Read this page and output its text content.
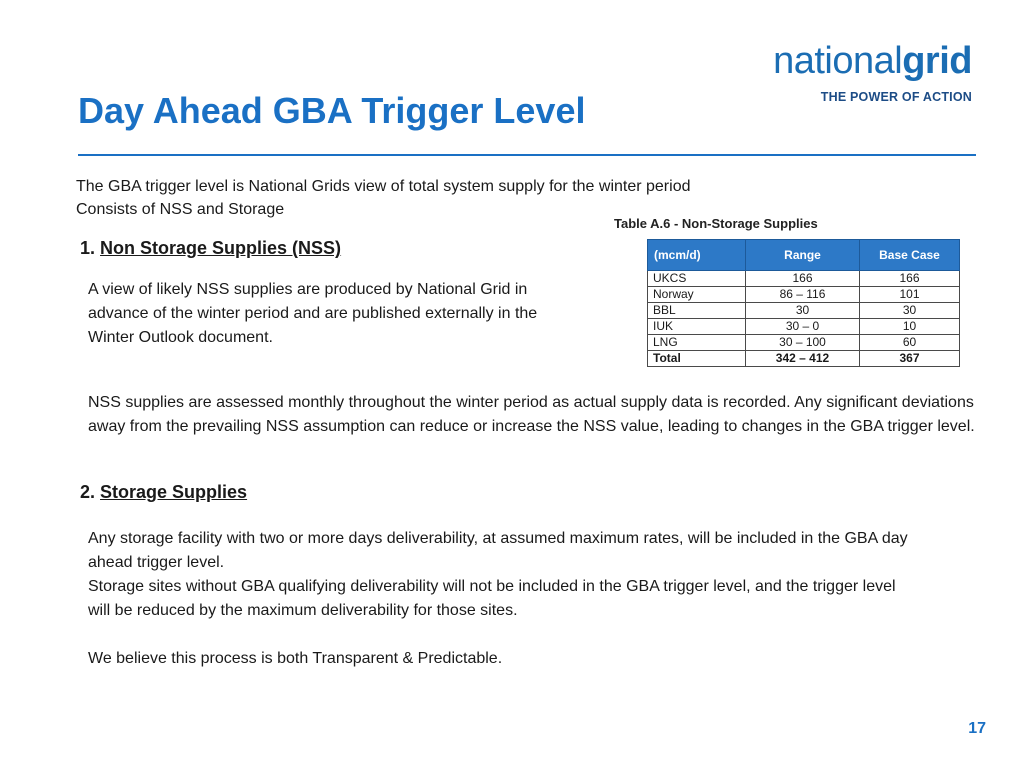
nationalgrid
THE POWER OF ACTION
Day Ahead GBA Trigger Level
The GBA trigger level is National Grids view of total system supply for the winter period
Consists of NSS and Storage
1. Non Storage Supplies (NSS)

A view of likely NSS supplies are produced by National Grid in advance of the winter period and are published externally in the Winter Outlook document.

Table A.6 - Non-Storage Supplies
(mcm/d)	Range	Base Case
UKCS	166	166
Norway	86 – 116	101
BBL	30	30
IUK	30 – 0	10
LNG	30 – 100	60
Total	342 – 412	367

NSS supplies are assessed monthly throughout the winter period as actual supply data is recorded. Any significant deviations away from the prevailing NSS assumption can reduce or increase the NSS value, leading to changes in the GBA trigger level.

2. Storage Supplies

Any storage facility with two or more days deliverability, at assumed maximum rates, will be included in the GBA day ahead trigger level.

Storage sites without GBA qualifying deliverability will not be included in the GBA trigger level, and the trigger level will be reduced by the maximum deliverability for those sites.

We believe this process is both Transparent & Predictable.

17
